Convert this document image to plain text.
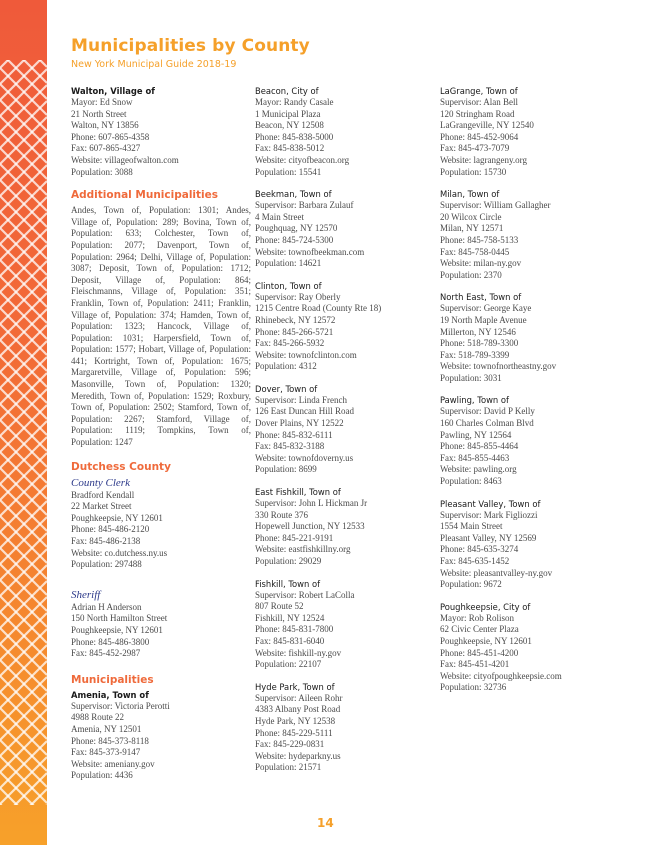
Municipalities by County
New York Municipal Guide 2018-19
Walton, Village of
Mayor: Ed Snow
21 North Street
Walton, NY 13856
Phone: 607-865-4358
Fax: 607-865-4327
Website: villageofwalton.com
Population: 3088
Additional Municipalities

Andes, Town of, Population: 1301; Andes, Village of, Population: 289; Bovina, Town of, Population: 633; Colchester, Town of, Population: 2077; Davenport, Town of, Population: 2964; Delhi, Village of, Population: 3087; Deposit, Town of, Population: 1712; Deposit, Village of, Population: 864; Fleischmanns, Village of, Population: 351; Franklin, Town of, Population: 2411; Franklin, Village of, Population: 374; Hamden, Town of, Population: 1323; Hancock, Village of, Population: 1031; Harpersfield, Town of, Population: 1577; Hobart, Village of, Population: 441; Kortright, Town of, Population: 1675; Margaretville, Village of, Population: 596; Masonville, Town of, Population: 1320; Meredith, Town of, Population: 1529; Roxbury, Town of, Population: 2502; Stamford, Town of, Population: 2267; Stamford, Village of, Population: 1119; Tompkins, Town of, Population: 1247

Dutchess County
County Clerk
Bradford Kendall
22 Market Street
Poughkeepsie, NY 12601
Phone: 845-486-2120
Fax: 845-486-2138
Website: co.dutchess.ny.us
Population: 297488
Sheriff
Adrian H Anderson
150 North Hamilton Street
Poughkeepsie, NY 12601
Phone: 845-486-3800
Fax: 845-452-2987
Municipalities
Amenia, Town of
Supervisor: Victoria Perotti
4988 Route 22
Amenia, NY 12501
Phone: 845-373-8118
Fax: 845-373-9147
Website: ameniany.gov
Population: 4436
Beacon, City of
Mayor: Randy Casale
1 Municipal Plaza
Beacon, NY 12508
Phone: 845-838-5000
Fax: 845-838-5012
Website: cityofbeacon.org
Population: 15541
Beekman, Town of
Supervisor: Barbara Zulauf
4 Main Street
Poughquag, NY 12570
Phone: 845-724-5300
Website: townofbeekman.com
Population: 14621
Clinton, Town of
Supervisor: Ray Oberly
1215 Centre Road (County Rte 18)
Rhinebeck, NY 12572
Phone: 845-266-5721
Fax: 845-266-5932
Website: townofclinton.com
Population: 4312
Dover, Town of
Supervisor: Linda French
126 East Duncan Hill Road
Dover Plains, NY 12522
Phone: 845-832-6111
Fax: 845-832-3188
Website: townofdoverny.us
Population: 8699
East Fishkill, Town of
Supervisor: John L Hickman Jr
330 Route 376
Hopewell Junction, NY 12533
Phone: 845-221-9191
Website: eastfishkillny.org
Population: 29029
Fishkill, Town of
Supervisor: Robert LaColla
807 Route 52
Fishkill, NY 12524
Phone: 845-831-7800
Fax: 845-831-6040
Website: fishkill-ny.gov
Population: 22107
Hyde Park, Town of
Supervisor: Aileen Rohr
4383 Albany Post Road
Hyde Park, NY 12538
Phone: 845-229-5111
Fax: 845-229-0831
Website: hydeparkny.us
Population: 21571
LaGrange, Town of
Supervisor: Alan Bell
120 Stringham Road
LaGrangeville, NY 12540
Phone: 845-452-9064
Fax: 845-473-7079
Website: lagrangeny.org
Population: 15730
Milan, Town of
Supervisor: William Gallagher
20 Wilcox Circle
Milan, NY 12571
Phone: 845-758-5133
Fax: 845-758-0445
Website: milan-ny.gov
Population: 2370
North East, Town of
Supervisor: George Kaye
19 North Maple Avenue
Millerton, NY 12546
Phone: 518-789-3300
Fax: 518-789-3399
Website: townofnortheastny.gov
Population: 3031
Pawling, Town of
Supervisor: David P Kelly
160 Charles Colman Blvd
Pawling, NY 12564
Phone: 845-855-4464
Fax: 845-855-4463
Website: pawling.org
Population: 8463
Pleasant Valley, Town of
Supervisor: Mark Figliozzi
1554 Main Street
Pleasant Valley, NY 12569
Phone: 845-635-3274
Fax: 845-635-1452
Website: pleasantvalley-ny.gov
Population: 9672
Poughkeepsie, City of
Mayor: Rob Rolison
62 Civic Center Plaza
Poughkeepsie, NY 12601
Phone: 845-451-4200
Fax: 845-451-4201
Website: cityofpoughkeepsie.com
Population: 32736
14
